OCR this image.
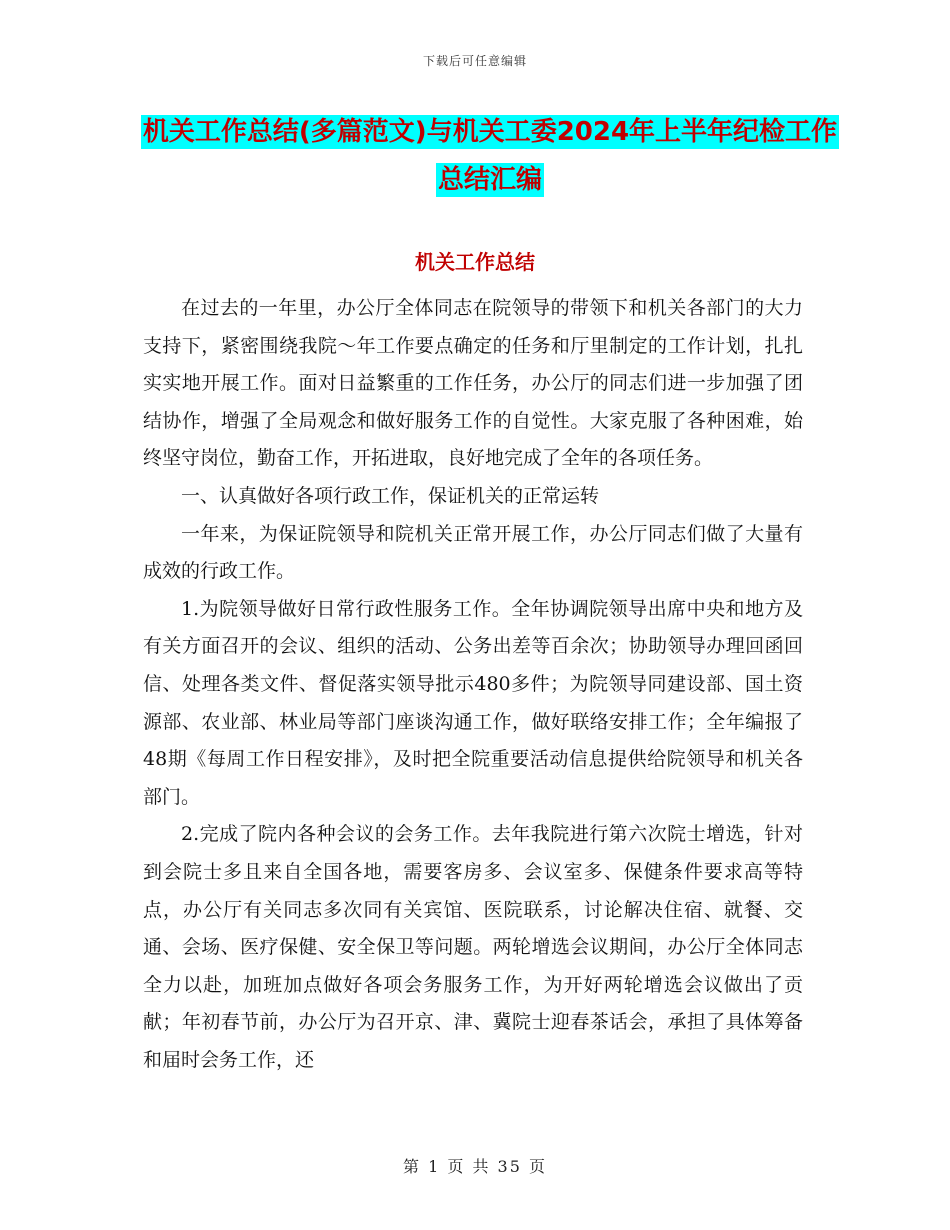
下载后可任意编辑
机关工作总结(多篇范文)与机关工委2024年上半年纪检工作总结汇编
机关工作总结

在过去的一年里，办公厅全体同志在院领导的带领下和机关各部门的大力支持下，紧密围绕我院～年工作要点确定的任务和厅里制定的工作计划，扎扎实实地开展工作。面对日益繁重的工作任务，办公厅的同志们进一步加强了团结协作，增强了全局观念和做好服务工作的自觉性。大家克服了各种困难，始终坚守岗位，勤奋工作，开拓进取，良好地完成了全年的各项任务。

一、认真做好各项行政工作，保证机关的正常运转

一年来，为保证院领导和院机关正常开展工作，办公厅同志们做了大量有成效的行政工作。

1.为院领导做好日常行政性服务工作。全年协调院领导出席中央和地方及有关方面召开的会议、组织的活动、公务出差等百余次；协助领导办理回函回信、处理各类文件、督促落实领导批示480多件；为院领导同建设部、国土资源部、农业部、林业局等部门座谈沟通工作，做好联络安排工作；全年编报了48期《每周工作日程安排》，及时把全院重要活动信息提供给院领导和机关各部门。

2.完成了院内各种会议的会务工作。去年我院进行第六次院士增选，针对到会院士多且来自全国各地，需要客房多、会议室多、保健条件要求高等特点，办公厅有关同志多次同有关宾馆、医院联系，讨论解决住宿、就餐、交通、会场、医疗保健、安全保卫等问题。两轮增选会议期间，办公厅全体同志全力以赴，加班加点做好各项会务服务工作，为开好两轮增选会议做出了贡献；年初春节前，办公厅为召开京、津、冀院士迎春茶话会，承担了具体筹备和届时会务工作，还

第 1 页 共 35 页
